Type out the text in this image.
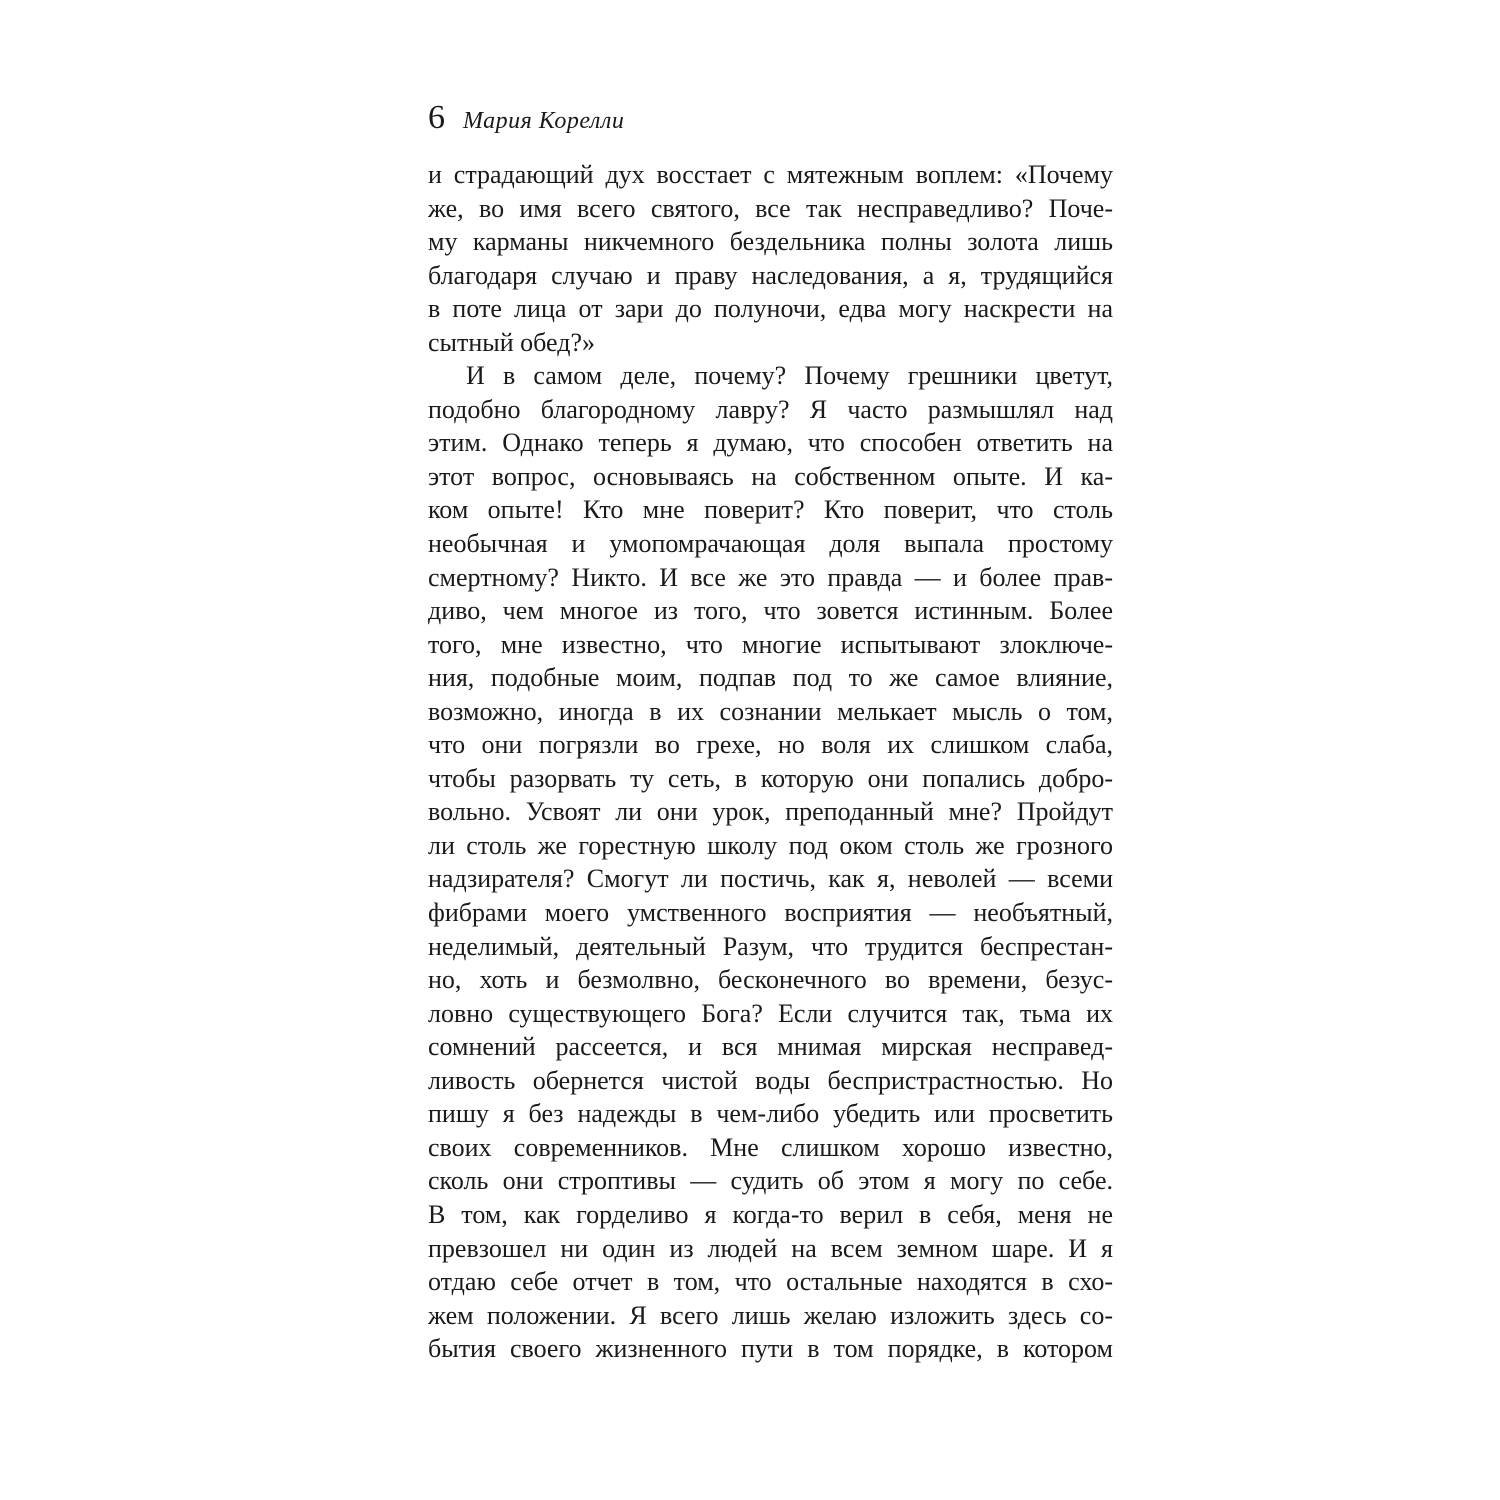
6 Мария Корелли
и страдающий дух восстает с мятежным воплем: «Почему
же, во имя всего святого, все так несправедливо? Поче-
му карманы никчемного бездельника полны золота лишь
благодаря случаю и праву наследования, а я, трудящийся
в поте лица от зари до полуночи, едва могу наскрести на
сытный обед?»
И в самом деле, почему? Почему грешники цветут,
подобно благородному лавру? Я часто размышлял над
этим. Однако теперь я думаю, что способен ответить на
этот вопрос, основываясь на собственном опыте. И ка-
ком опыте! Кто мне поверит? Кто поверит, что столь
необычная и умопомрачающая доля выпала простому
смертному? Никто. И все же это правда — и более прав-
диво, чем многое из того, что зовется истинным. Более
того, мне известно, что многие испытывают злоключе-
ния, подобные моим, подпав под то же самое влияние,
возможно, иногда в их сознании мелькает мысль о том,
что они погрязли во грехе, но воля их слишком слаба,
чтобы разорвать ту сеть, в которую они попались добро-
вольно. Усвоят ли они урок, преподанный мне? Пройдут
ли столь же горестную школу под оком столь же грозного
надзирателя? Смогут ли постичь, как я, неволей — всеми
фибрами моего умственного восприятия — необъятный,
неделимый, деятельный Разум, что трудится беспрестан-
но, хоть и безмолвно, бесконечного во времени, безус-
ловно существующего Бога? Если случится так, тьма их
сомнений рассеется, и вся мнимая мирская несправед-
ливость обернется чистой воды беспристрастностью. Но
пишу я без надежды в чем-либо убедить или просветить
своих современников. Мне слишком хорошо известно,
сколь они строптивы — судить об этом я могу по себе.
В том, как горделиво я когда-то верил в себя, меня не
превзошел ни один из людей на всем земном шаре. И я
отдаю себе отчет в том, что остальные находятся в схо-
жем положении. Я всего лишь желаю изложить здесь со-
бытия своего жизненного пути в том порядке, в котором
